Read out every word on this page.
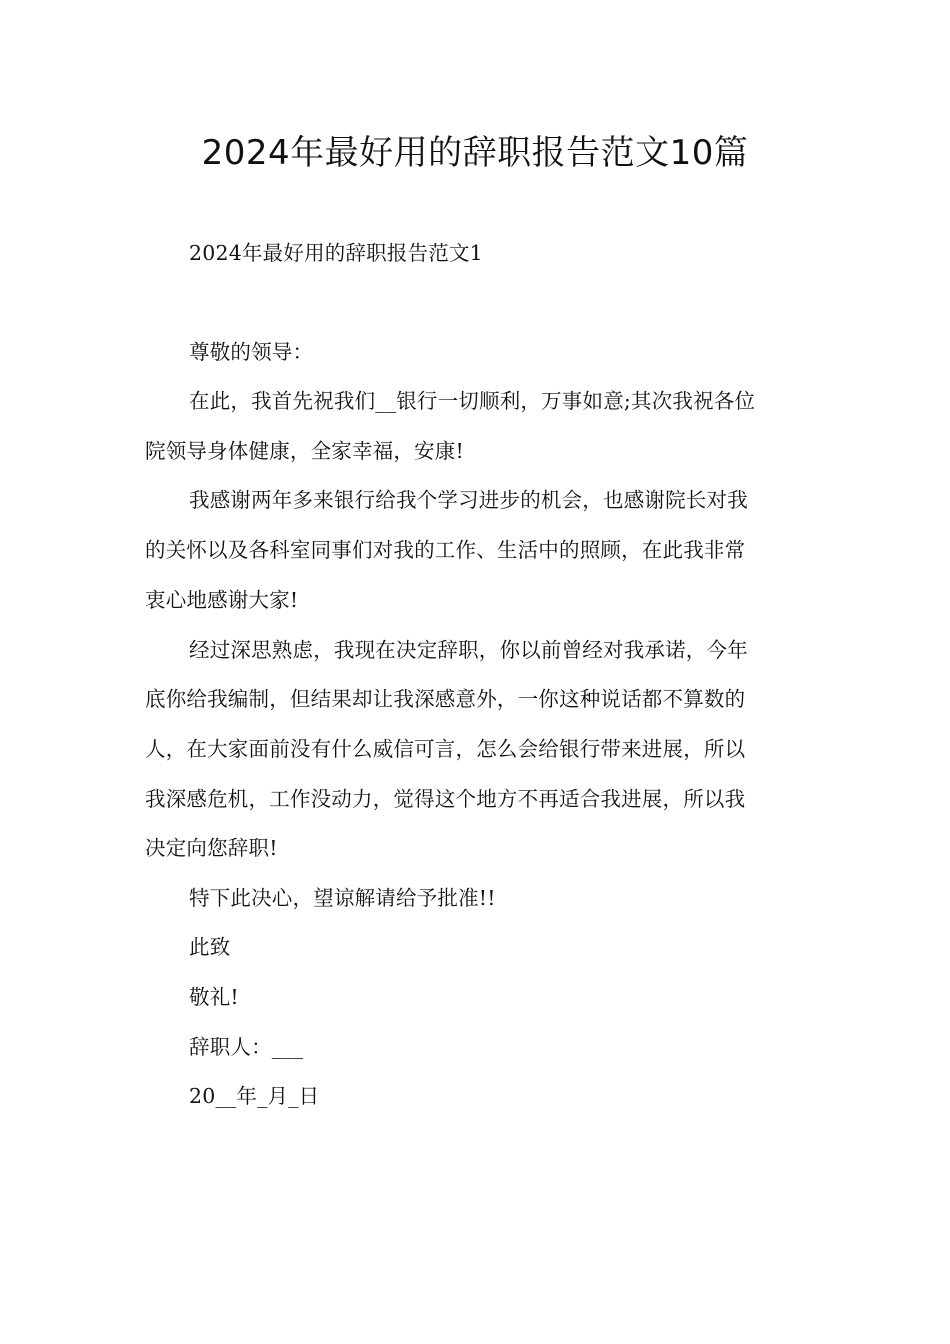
2024年最好用的辞职报告范文10篇
2024年最好用的辞职报告范文1
尊敬的领导：
在此，我首先祝我们__银行一切顺利，万事如意;其次我祝各位
院领导身体健康，全家幸福，安康!
我感谢两年多来银行给我个学习进步的机会，也感谢院长对我
的关怀以及各科室同事们对我的工作、生活中的照顾，在此我非常
衷心地感谢大家!
经过深思熟虑，我现在决定辞职，你以前曾经对我承诺，今年
底你给我编制，但结果却让我深感意外，一你这种说话都不算数的
人，在大家面前没有什么威信可言，怎么会给银行带来进展，所以
我深感危机，工作没动力，觉得这个地方不再适合我进展，所以我
决定向您辞职!
特下此决心，望谅解请给予批准!!
此致
敬礼!
辞职人：___
20__年_月_日
